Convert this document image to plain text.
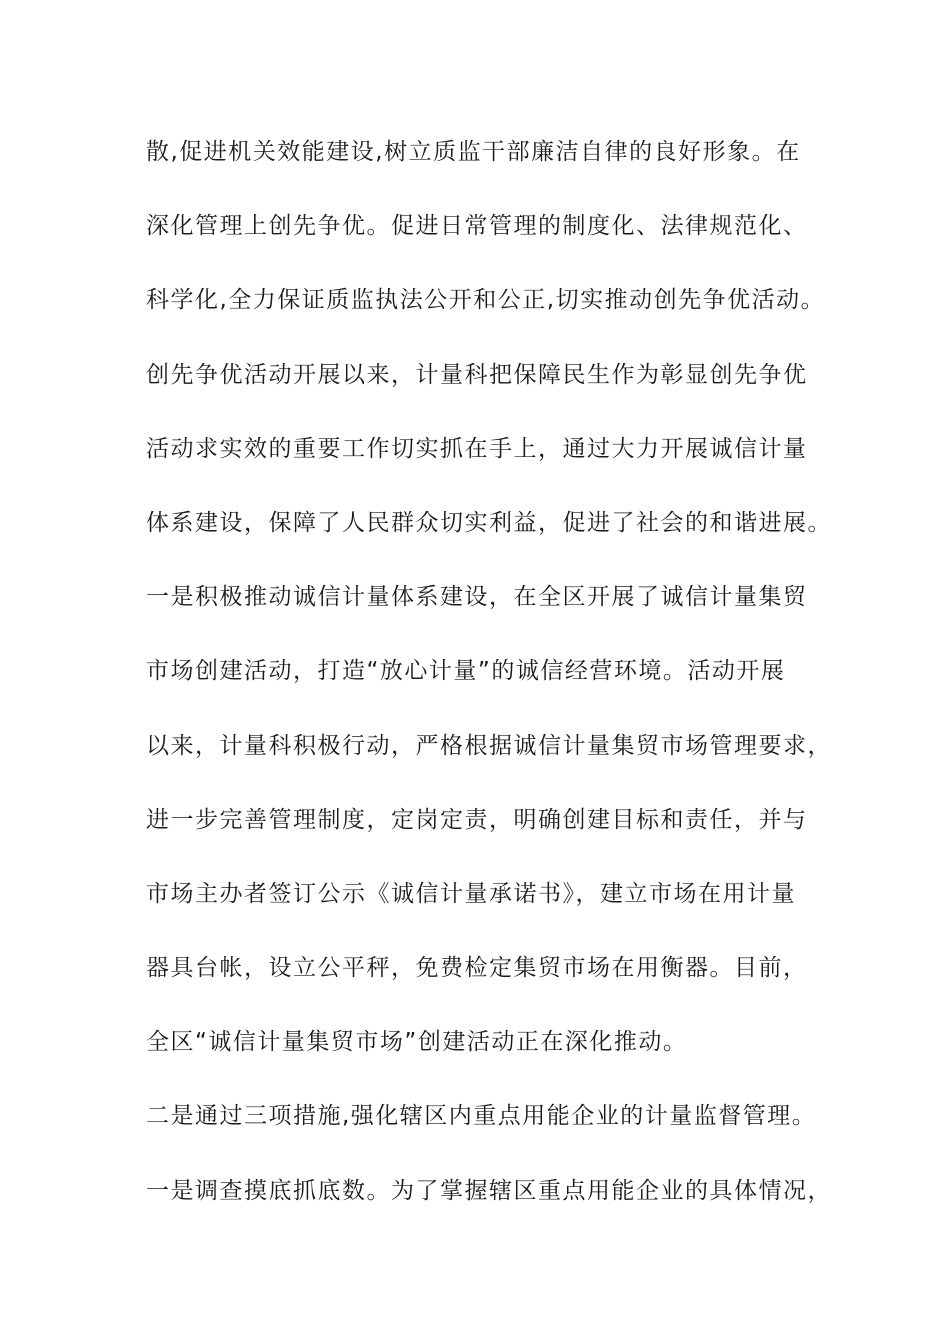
散,促进机关效能建设,树立质监干部廉洁自律的良好形象。在
深化管理上创先争优。促进日常管理的制度化、法律规范化、
科学化,全力保证质监执法公开和公正,切实推动创先争优活动。
创先争优活动开展以来，计量科把保障民生作为彰显创先争优
活动求实效的重要工作切实抓在手上，通过大力开展诚信计量
体系建设，保障了人民群众切实利益，促进了社会的和谐进展。
一是积极推动诚信计量体系建设，在全区开展了诚信计量集贸
市场创建活动，打造“放心计量”的诚信经营环境。活动开展
以来，计量科积极行动，严格根据诚信计量集贸市场管理要求，
进一步完善管理制度，定岗定责，明确创建目标和责任，并与
市场主办者签订公示《诚信计量承诺书》，建立市场在用计量
器具台帐，设立公平秤，免费检定集贸市场在用衡器。目前，
全区“诚信计量集贸市场”创建活动正在深化推动。
二是通过三项措施,强化辖区内重点用能企业的计量监督管理。
一是调查摸底抓底数。为了掌握辖区重点用能企业的具体情况，
